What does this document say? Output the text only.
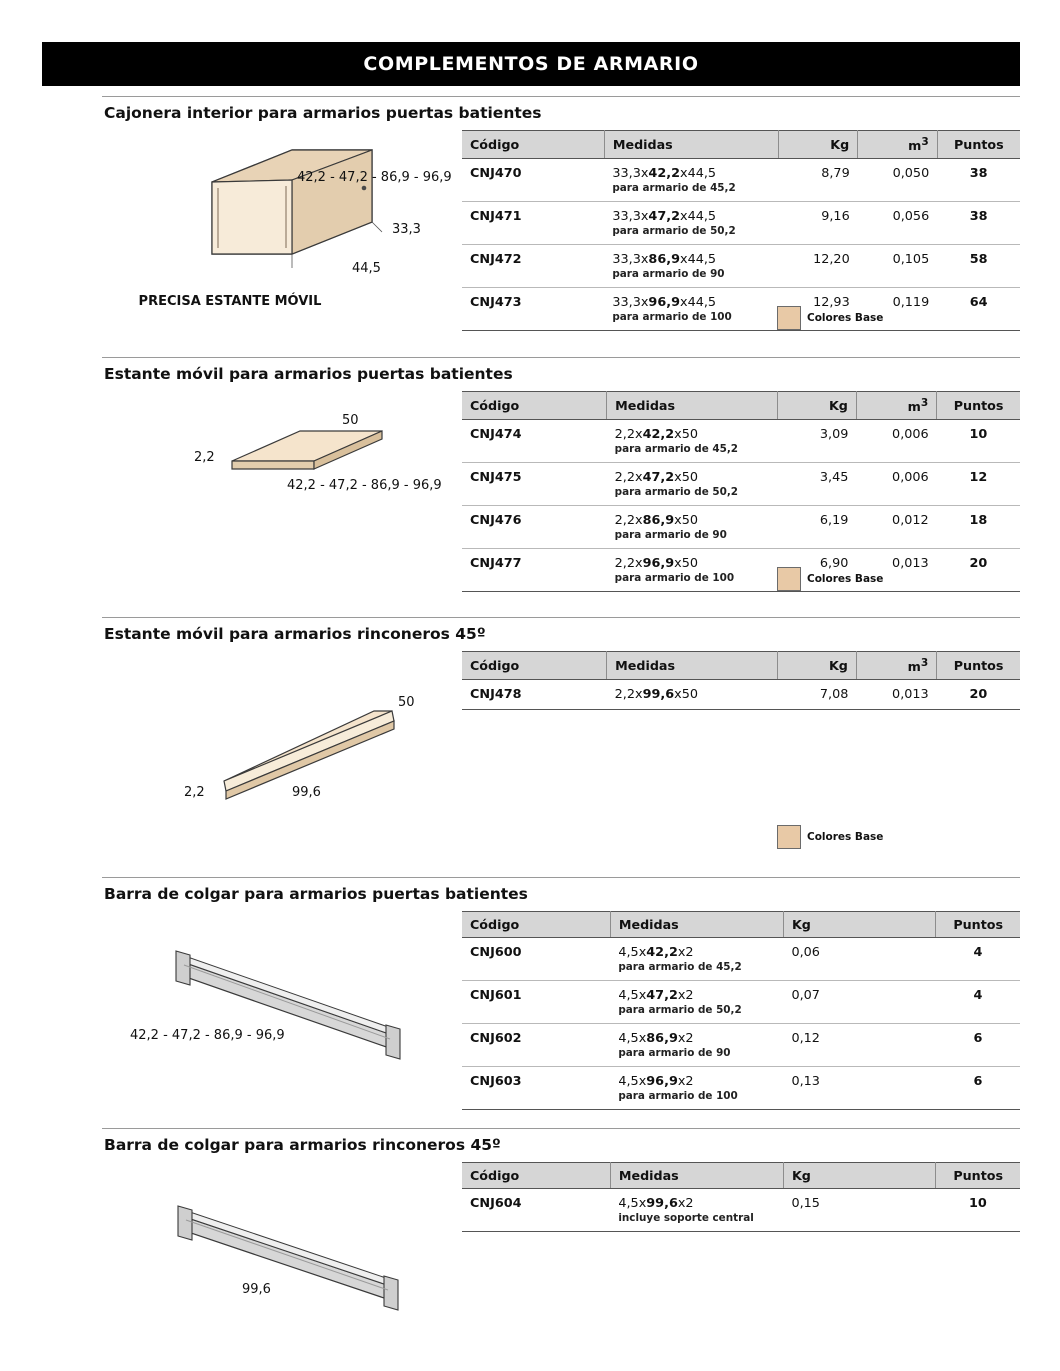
COMPLEMENTOS DE ARMARIO
Cajonera interior para armarios puertas batientes
42,2 - 47,2 - 86,9 - 96,9
33,3
44,5
PRECISA ESTANTE MÓVIL
Código	Medidas	Kg	$m^3$	Puntos
CNJ470	33,3x42,2x44,5
para armario de 45,2	8,79	0,050	38
CNJ471	33,3x47,2x44,5
para armario de 50,2	9,16	0,056	38
CNJ472	33,3x86,9x44,5
para armario de 90	12,20	0,105	58
CNJ473	33,3x96,9x44,5
para armario de 100	12,93	0,119	64
Colores Base
Estante móvil para armarios puertas batientes
50
2,2
42,2 - 47,2 - 86,9 - 96,9
Código	Medidas	Kg	$m^3$	Puntos
CNJ474	2,2x42,2x50
para armario de 45,2	3,09	0,006	10
CNJ475	2,2x47,2x50
para armario de 50,2	3,45	0,006	12
CNJ476	2,2x86,9x50
para armario de 90	6,19	0,012	18
CNJ477	2,2x96,9x50
para armario de 100	6,90	0,013	20
Colores Base
Estante móvil para armarios rinconeros 45º
50
2,2	99,6
Código	Medidas	Kg	$m^3$	Puntos
CNJ478	2,2x99,6x50	7,08	0,013	20
Colores Base
Barra de colgar para armarios puertas batientes
42,2 - 47,2 - 86,9 - 96,9
Código	Medidas	Kg	Puntos
CNJ600	4,5x42,2x2
para armario de 45,2	0,06	4
CNJ601	4,5x47,2x2
para armario de 50,2	0,07	4
CNJ602	4,5x86,9x2
para armario de 90	0,12	6
CNJ603	4,5x96,9x2
para armario de 100	0,13	6
Barra de colgar para armarios rinconeros 45º
99,6
Código	Medidas	Kg	Puntos
CNJ604	4,5x99,6x2
incluye soporte central	0,15	10
